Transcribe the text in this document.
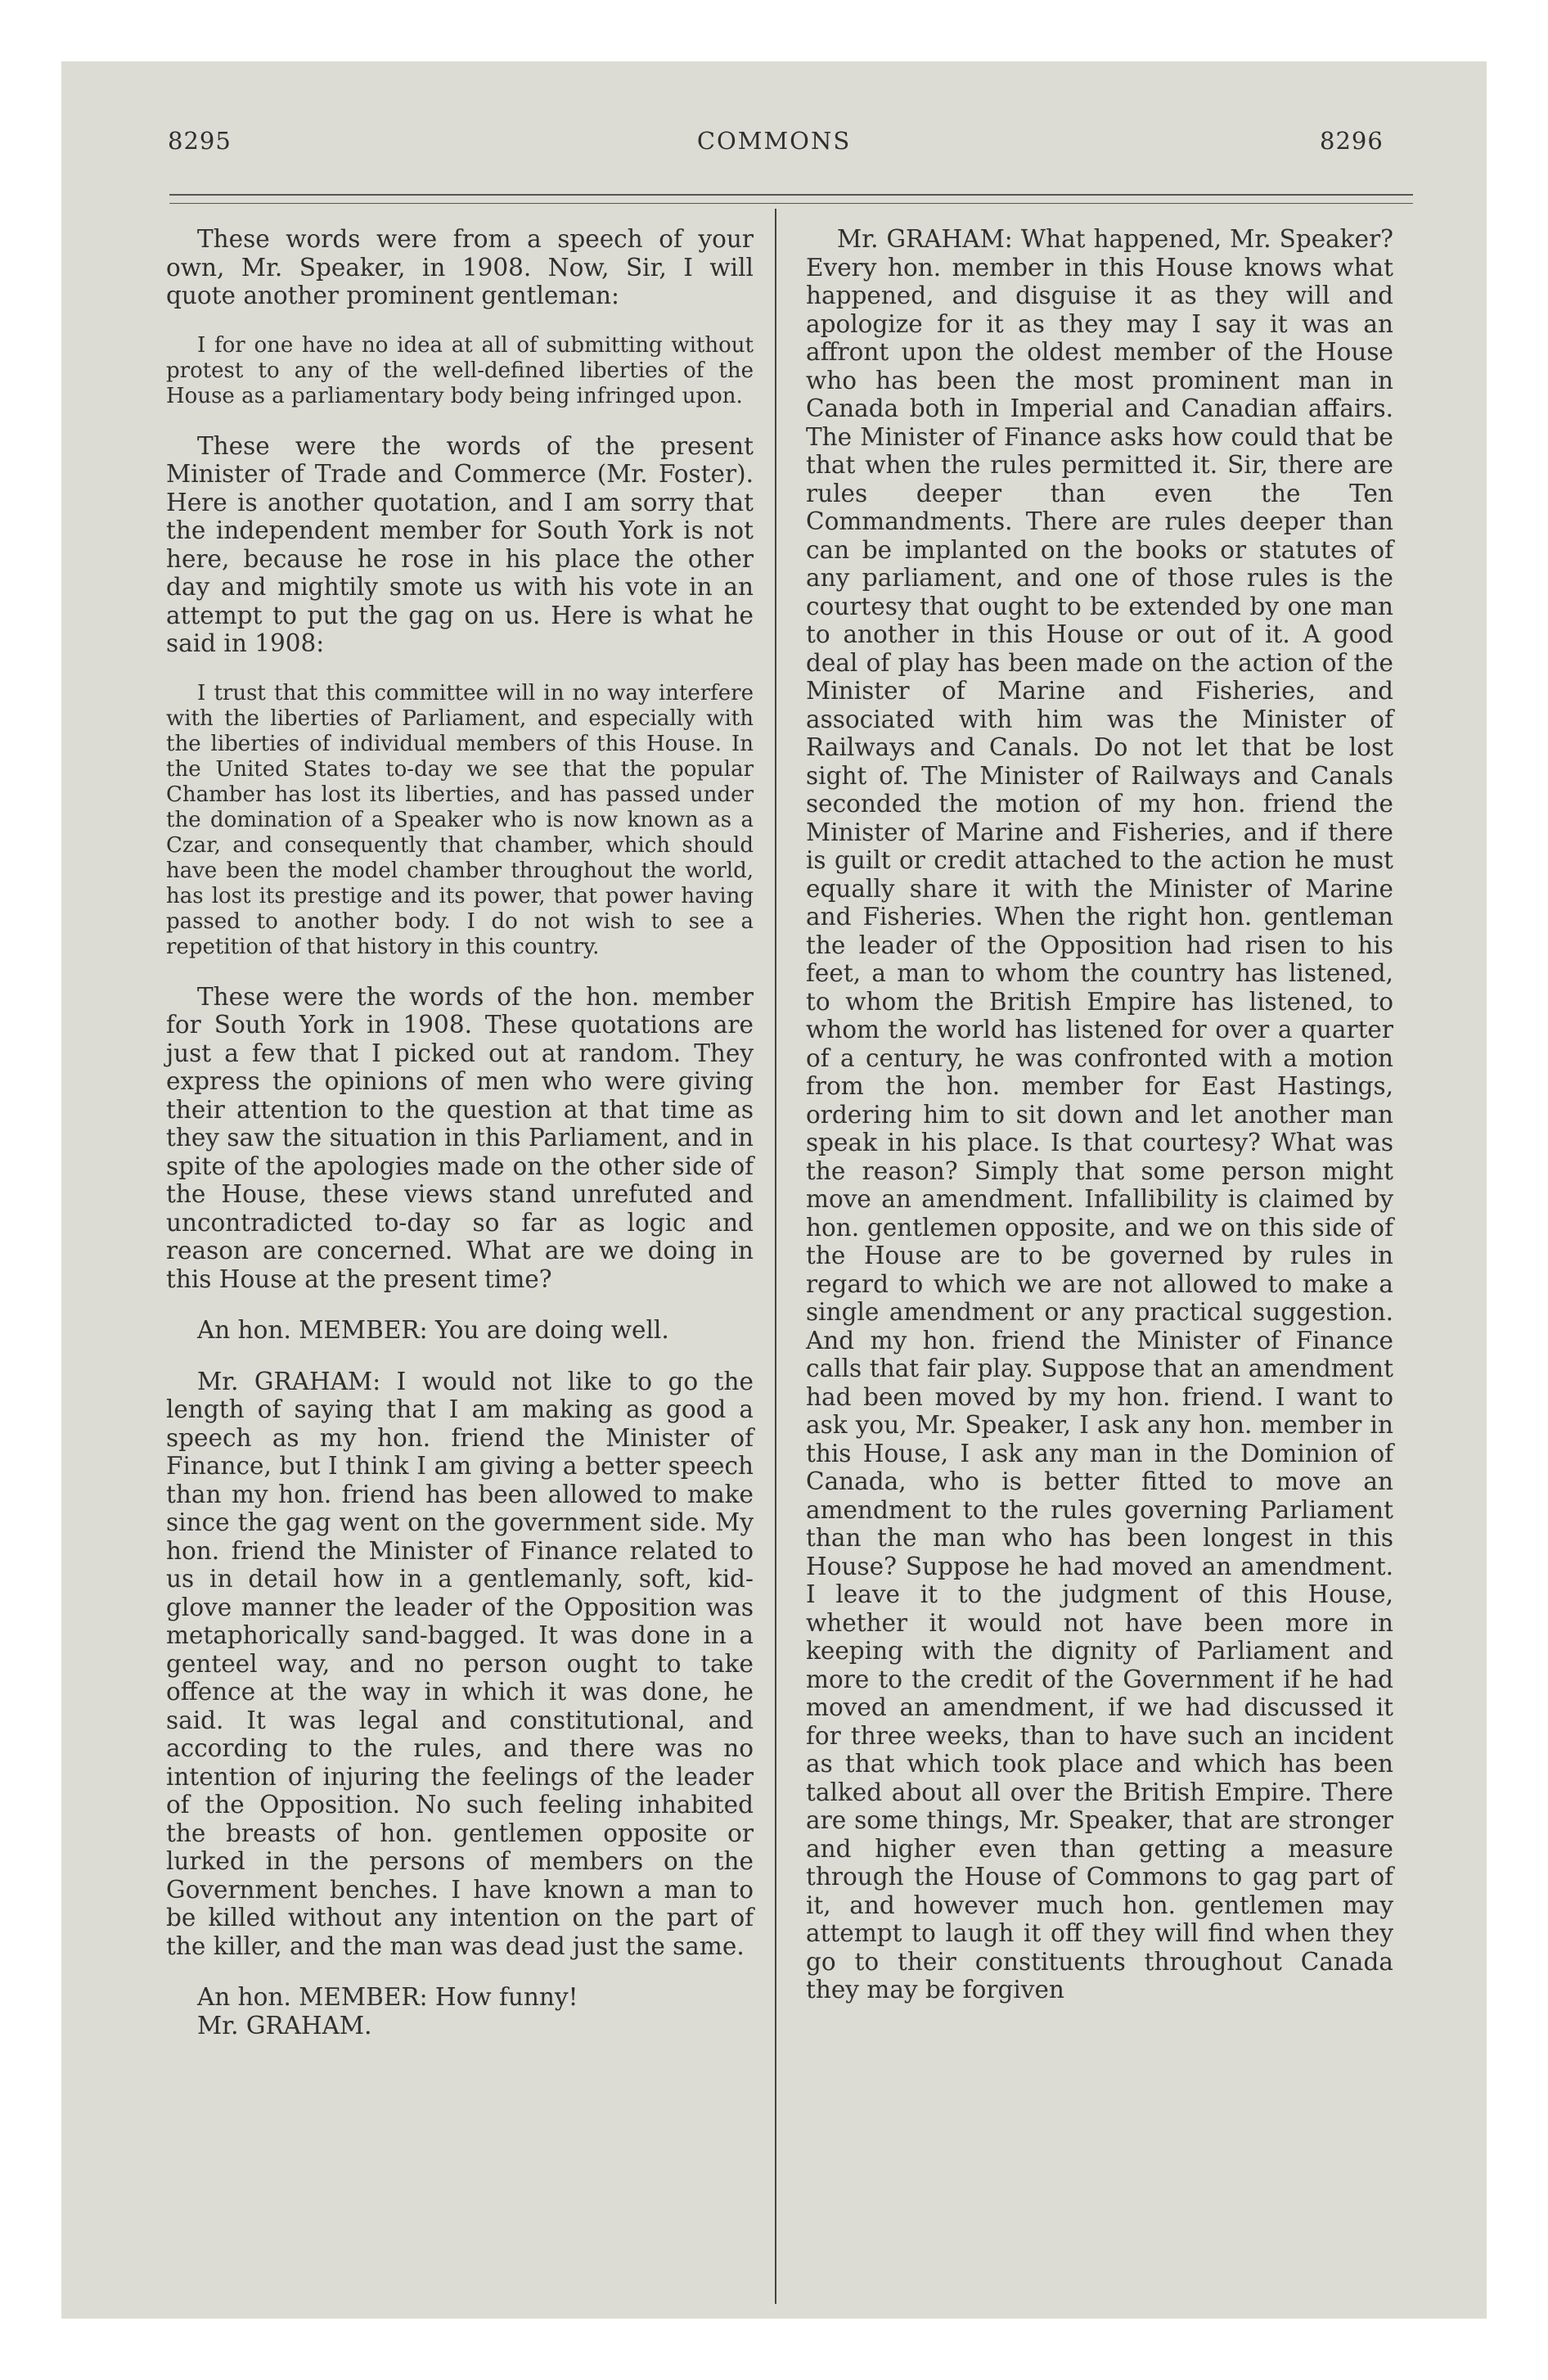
8295	COMMONS	8296

These words were from a speech of your own, Mr. Speaker, in 1908. Now, Sir, I will quote another prominent gentleman:

I for one have no idea at all of submitting without protest to any of the well-defined liberties of the House as a parliamentary body being infringed upon.

These were the words of the present Minister of Trade and Commerce (Mr. Foster). Here is another quotation, and I am sorry that the independent member for South York is not here, because he rose in his place the other day and mightily smote us with his vote in an attempt to put the gag on us. Here is what he said in 1908:

I trust that this committee will in no way interfere with the liberties of Parliament, and especially with the liberties of individual members of this House. In the United States to-day we see that the popular Chamber has lost its liberties, and has passed under the domination of a Speaker who is now known as a Czar, and consequently that chamber, which should have been the model chamber throughout the world, has lost its prestige and its power, that power having passed to another body. I do not wish to see a repetition of that history in this country.

These were the words of the hon. member for South York in 1908. These quotations are just a few that I picked out at random. They express the opinions of men who were giving their attention to the question at that time as they saw the situation in this Parliament, and in spite of the apologies made on the other side of the House, these views stand unrefuted and uncontradicted to-day so far as logic and reason are concerned. What are we doing in this House at the present time?

An hon. MEMBER: You are doing well.

Mr. GRAHAM: I would not like to go the length of saying that I am making as good a speech as my hon. friend the Minister of Finance, but I think I am giving a better speech than my hon. friend has been allowed to make since the gag went on the government side. My hon. friend the Minister of Finance related to us in detail how in a gentlemanly, soft, kid-glove manner the leader of the Opposition was metaphorically sand-bagged. It was done in a genteel way, and no person ought to take offence at the way in which it was done, he said. It was legal and constitutional, and according to the rules, and there was no intention of injuring the feelings of the leader of the Opposition. No such feeling inhabited the breasts of hon. gentlemen opposite or lurked in the persons of members on the Government benches. I have known a man to be killed without any intention on the part of the killer, and the man was dead just the same.

An hon. MEMBER: How funny!

Mr. GRAHAM.

Mr. GRAHAM: What happened, Mr. Speaker? Every hon. member in this House knows what happened, and disguise it as they will and apologize for it as they may I say it was an affront upon the oldest member of the House who has been the most prominent man in Canada both in Imperial and Canadian affairs. The Minister of Finance asks how could that be that when the rules permitted it. Sir, there are rules deeper than even the Ten Commandments. There are rules deeper than can be implanted on the books or statutes of any parliament, and one of those rules is the courtesy that ought to be extended by one man to another in this House or out of it. A good deal of play has been made on the action of the Minister of Marine and Fisheries, and associated with him was the Minister of Railways and Canals. Do not let that be lost sight of. The Minister of Railways and Canals seconded the motion of my hon. friend the Minister of Marine and Fisheries, and if there is guilt or credit attached to the action he must equally share it with the Minister of Marine and Fisheries. When the right hon. gentleman the leader of the Opposition had risen to his feet, a man to whom the country has listened, to whom the British Empire has listened, to whom the world has listened for over a quarter of a century, he was confronted with a motion from the hon. member for East Hastings, ordering him to sit down and let another man speak in his place. Is that courtesy? What was the reason? Simply that some person might move an amendment. Infallibility is claimed by hon. gentlemen opposite, and we on this side of the House are to be governed by rules in regard to which we are not allowed to make a single amendment or any practical suggestion. And my hon. friend the Minister of Finance calls that fair play. Suppose that an amendment had been moved by my hon. friend. I want to ask you, Mr. Speaker, I ask any hon. member in this House, I ask any man in the Dominion of Canada, who is better fitted to move an amendment to the rules governing Parliament than the man who has been longest in this House? Suppose he had moved an amendment. I leave it to the judgment of this House, whether it would not have been more in keeping with the dignity of Parliament and more to the credit of the Government if he had moved an amendment, if we had discussed it for three weeks, than to have such an incident as that which took place and which has been talked about all over the British Empire. There are some things, Mr. Speaker, that are stronger and higher even than getting a measure through the House of Commons to gag part of it, and however much hon. gentlemen may attempt to laugh it off they will find when they go to their constituents throughout Canada they may be forgiven
